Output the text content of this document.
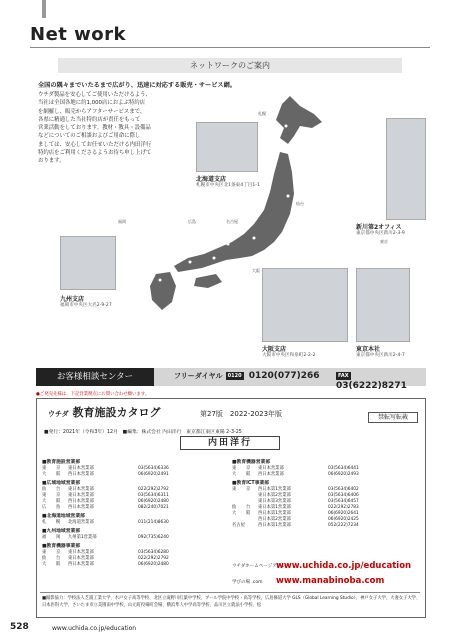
Net work
ネットワークのご案内
全国の隅々までいたるまで広がり、迅速に対応する販売・サービス網。
ウチダ製品を安心してご使用いただけるよう、
当社は全国各地に約1,000店におよぶ特約店
を網羅し、販売からアフターサービスまで、
各県に精通した当社特約店が責任をもって
営業活動をしております。教材・教具・設備品
などについてのご相談およびご用命に際し
ましては、安心してお任せいただける内田洋行
特約店をご利用くださるようお待ち申し上げて
おります。
札幌
仙台
名古屋
広島
福岡
大阪
東京
北海道支店
札幌市中央区北1条東4丁目1-1
新川第2オフィス
東京都中央区新川2-3-9
九州支店
福岡市中央区大名2-9-27
大阪支店
大阪市中央区和泉町2-2-2
東京本社
東京都中央区新川2-4-7
お客様相談センター	フリーダイヤル 0120 0120(077)266	FAX 03(6222)8271
●ご発売先様は、下記営業拠点にお問い合わせ願います。
ウチダ 教育施設カタログ	第27版　2022-2023年版	禁転写転載
■発行：2021年（令和3年）12月　■編集：株式会社 内田洋行　東京都江東区東陽 2-3-25
内田洋行
■教育施設営業部
東 京 東日本営業部	03(5634)6336
大 阪 西日本営業部	06(6920)2491
■広域地域営業部
仙 台 東日本営業部	022(292)2792
東 京 東日本営業部	03(5634)6311
大 阪 西日本営業部	06(6920)2480
広 島 西日本営業部	082(240)7021
■北海道地域営業部
札 幌 北海道営業部	011(214)8630
■九州地域営業部
福 岡 九州第1営業部	092(735)6240
■教育機器事業部
東 京 東日本営業部	03(5634)6280
仙 台 東日本営業部	022(292)2792
大 阪 西日本営業部	06(6920)2480
■教育機器営業部
東 京 東日本営業部	03(5634)6441
大 阪 西日本営業部	06(6920)2493
■教育ICT事業部
東 京 西日本第1営業部	03(5634)6402
東日本第2営業部	03(5634)6406
東日本第3営業部	03(5634)6457
仙 台 東日本第1営業部	022(292)2783
大 阪 西日本第1営業部	06(6920)2641
西日本第2営業部	06(6920)2425
名古屋	西日本第1営業部	052(222)7234
ウチダホームページアドレス
www.uchida.co.jp/education
学びの場 .com www.manabinoba.com
■撮影協力：学校法人芝浦工業大学、水戸女子高等学校、北区立滝野川紅葉中学校、ブール学院中学校・高等学校、広島修道大学 GLS（Global Learning Studio）、神戸女子大学、大妻女子大学、日本医科大学、さいたま市立美園南中学校、山元町役場町会場、横浜隼人中学高等学校、品川区立就法小学校、松
528	www.uchida.co.jp/education
